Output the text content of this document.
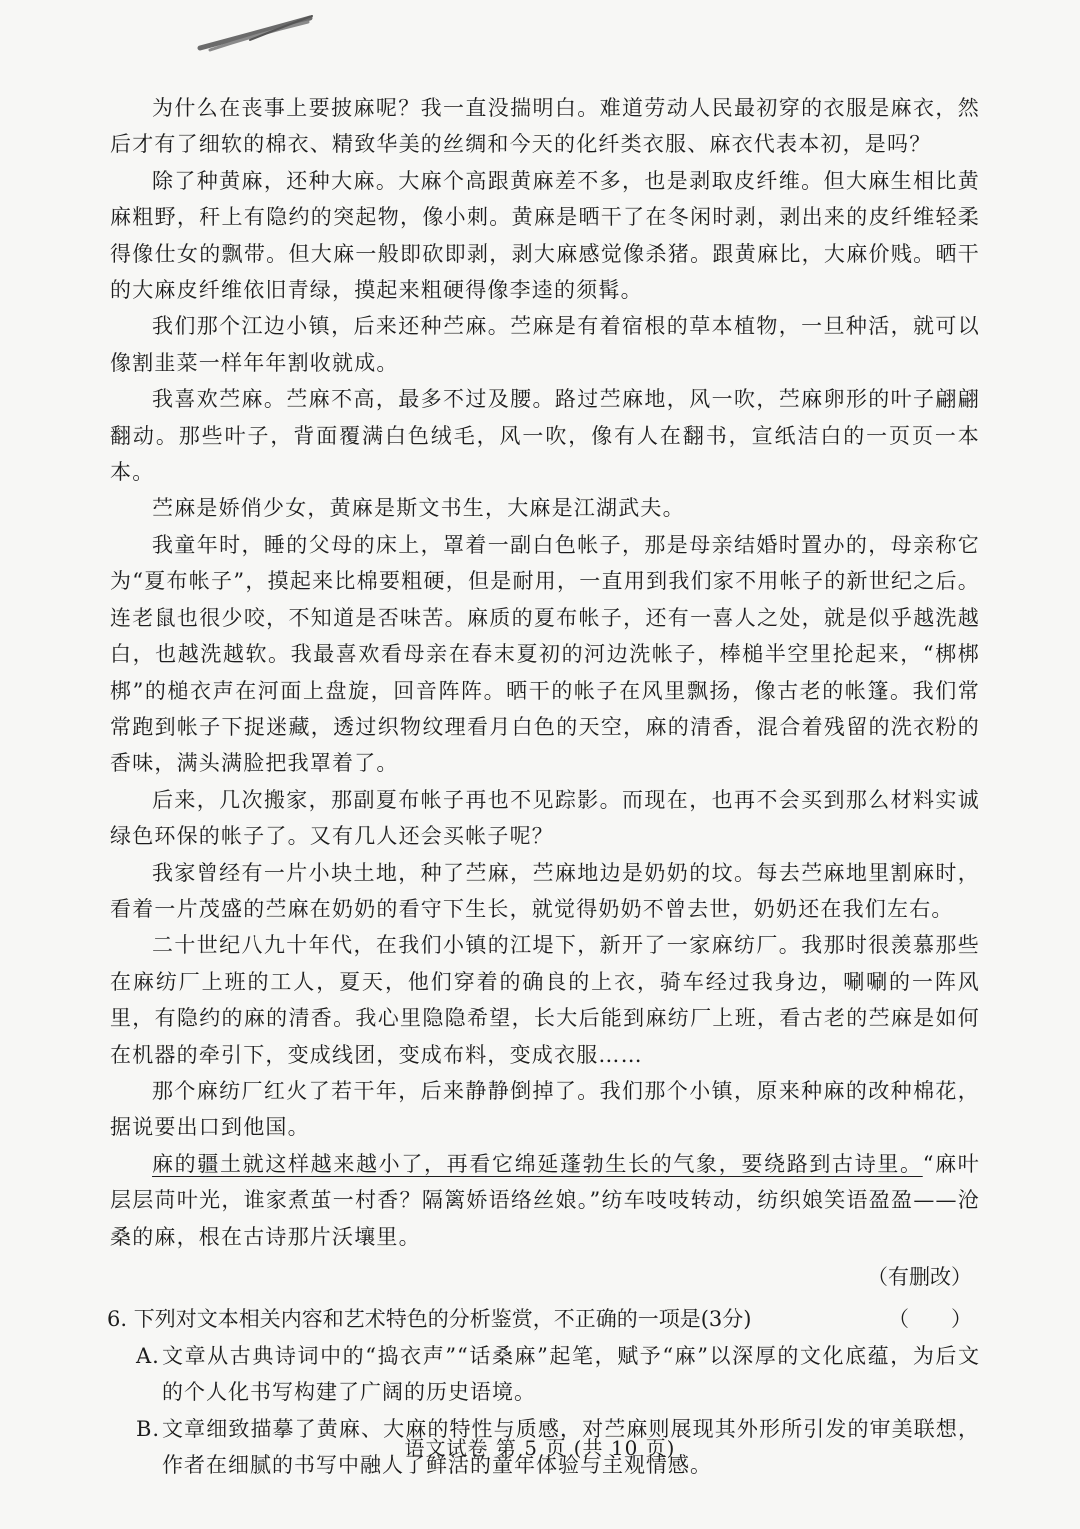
为什么在丧事上要披麻呢？我一直没揣明白。难道劳动人民最初穿的衣服是麻衣，然后才有了细软的棉衣、精致华美的丝绸和今天的化纤类衣服、麻衣代表本初，是吗？

除了种黄麻，还种大麻。大麻个高跟黄麻差不多，也是剥取皮纤维。但大麻生相比黄麻粗野，秆上有隐约的突起物，像小刺。黄麻是晒干了在冬闲时剥，剥出来的皮纤维轻柔得像仕女的飘带。但大麻一般即砍即剥，剥大麻感觉像杀猪。跟黄麻比，大麻价贱。晒干的大麻皮纤维依旧青绿，摸起来粗硬得像李逵的须髯。

我们那个江边小镇，后来还种苎麻。苎麻是有着宿根的草本植物，一旦种活，就可以像割韭菜一样年年割收就成。

我喜欢苎麻。苎麻不高，最多不过及腰。路过苎麻地，风一吹，苎麻卵形的叶子翩翩翻动。那些叶子，背面覆满白色绒毛，风一吹，像有人在翻书，宣纸洁白的一页页一本本。

苎麻是娇俏少女，黄麻是斯文书生，大麻是江湖武夫。

我童年时，睡的父母的床上，罩着一副白色帐子，那是母亲结婚时置办的，母亲称它为“夏布帐子”，摸起来比棉要粗硬，但是耐用，一直用到我们家不用帐子的新世纪之后。连老鼠也很少咬，不知道是否味苦。麻质的夏布帐子，还有一喜人之处，就是似乎越洗越白，也越洗越软。我最喜欢看母亲在春末夏初的河边洗帐子，棒槌半空里抡起来，“梆梆梆”的槌衣声在河面上盘旋，回音阵阵。晒干的帐子在风里飘扬，像古老的帐篷。我们常常跑到帐子下捉迷藏，透过织物纹理看月白色的天空，麻的清香，混合着残留的洗衣粉的香味，满头满脸把我罩着了。

后来，几次搬家，那副夏布帐子再也不见踪影。而现在，也再不会买到那么材料实诚绿色环保的帐子了。又有几人还会买帐子呢？

我家曾经有一片小块土地，种了苎麻，苎麻地边是奶奶的坟。每去苎麻地里割麻时，看着一片茂盛的苎麻在奶奶的看守下生长，就觉得奶奶不曾去世，奶奶还在我们左右。

二十世纪八九十年代，在我们小镇的江堤下，新开了一家麻纺厂。我那时很羡慕那些在麻纺厂上班的工人，夏天，他们穿着的确良的上衣，骑车经过我身边，唰唰的一阵风里，有隐约的麻的清香。我心里隐隐希望，长大后能到麻纺厂上班，看古老的苎麻是如何在机器的牵引下，变成线团，变成布料，变成衣服……

那个麻纺厂红火了若干年，后来静静倒掉了。我们那个小镇，原来种麻的改种棉花，据说要出口到他国。

麻的疆土就这样越来越小了，再看它绵延蓬勃生长的气象，要绕路到古诗里。“麻叶层层苘叶光，谁家煮茧一村香？隔篱娇语络丝娘。”纺车吱吱转动，纺织娘笑语盈盈——沧桑的麻，根在古诗那片沃壤里。

（有删改）
6. 下列对文本相关内容和艺术特色的分析鉴赏，不正确的一项是(3分)	（　　）
A. 文章从古典诗词中的“捣衣声”“话桑麻”起笔，赋予“麻”以深厚的文化底蕴，为后文的个人化书写构建了广阔的历史语境。
B. 文章细致描摹了黄麻、大麻的特性与质感，对苎麻则展现其外形所引发的审美联想，作者在细腻的书写中融人了鲜活的童年体验与主观情感。
语文试卷 第 5 页 (共 10 页)
